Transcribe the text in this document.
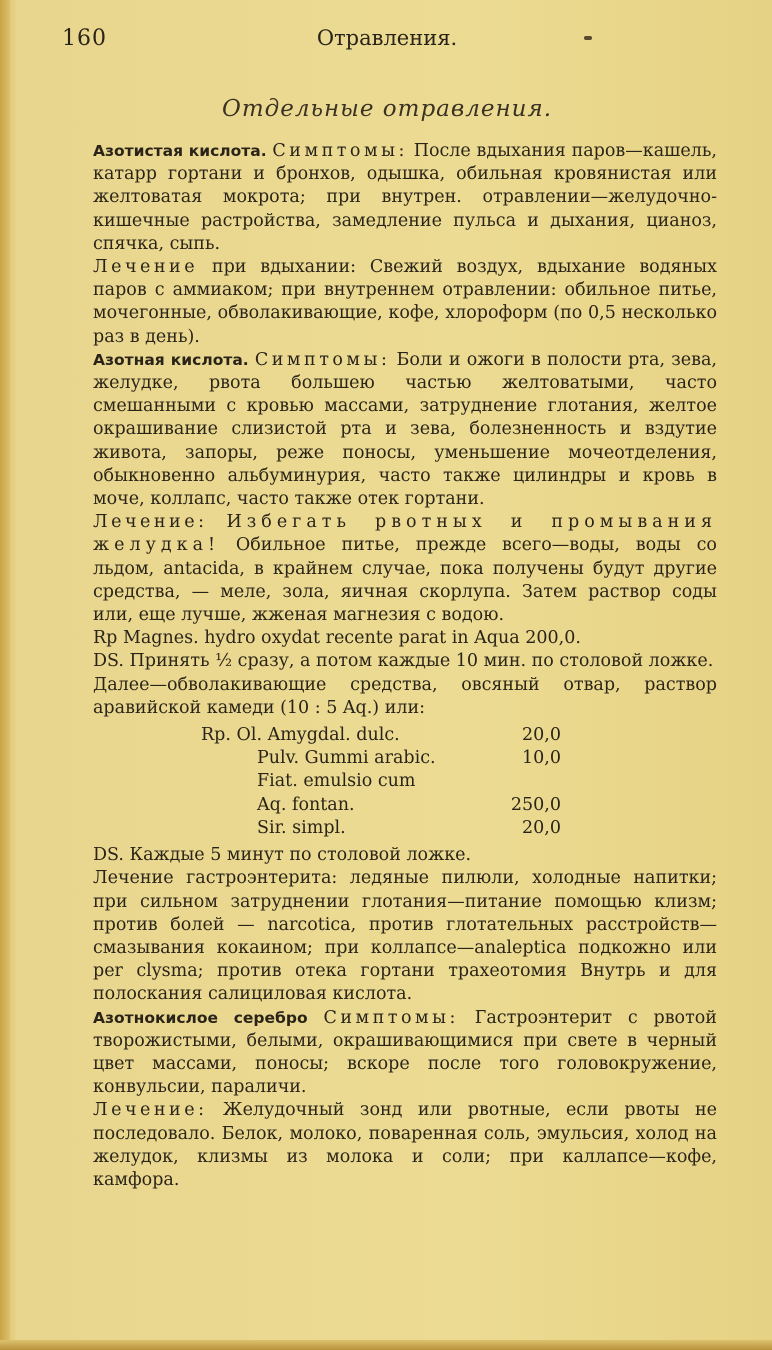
160	Отравления.
Отдельные отравления.

Азотистая кислота. Симптомы: После вдыхания паров—кашель, катарр гортани и бронхов, одышка, обильная кровянистая или желтоватая мокрота; при внутрен. отравлении—желудочно-кишечные растройства, замедление пульса и дыхания, цианоз, спячка, сыпь.

Лечение при вдыхании: Свежий воздух, вдыхание водяных паров с аммиаком; при внутреннем отравлении: обильное питье, мочегонные, обволакивающие, кофе, хлороформ (по 0,5 несколько раз в день).

Азотная кислота. Симптомы: Боли и ожоги в полости рта, зева, желудке, рвота большею частью желтоватыми, часто смешанными с кровью массами, затруднение глотания, желтое окрашивание слизистой рта и зева, болезненность и вздутие живота, запоры, реже поносы, уменьшение мочеотделения, обыкновенно альбуминурия, часто также цилиндры и кровь в моче, коллапс, часто также отек гортани.

Лечение: Избегать рвотных и промывания желудка! Обильное питье, прежде всего—воды, воды со льдом, antacida, в крайнем случае, пока получены будут другие средства, — меле, зола, яичная скорлупа. Затем раствор соды или, еще лучше, жженая магнезия с водою.

Rp Magnes. hydro oxydat recente parat in Aqua 200,0.

DS. Принять ½ сразу, а потом каждые 10 мин. по столовой ложке.

Далее—обволакивающие средства, овсяный отвар, раствор аравийской камеди (10 : 5 Aq.) или:

Rp. Ol. Amygdal. dulc.	20,0
Pulv. Gummi arabic.	10,0
Fiat. emulsio cum
Aq. fontan.	250,0
Sir. simpl.	20,0

DS. Каждые 5 минут по столовой ложке.

Лечение гастроэнтерита: ледяные пилюли, холодные напитки; при сильном затруднении глотания—питание помощью клизм; против болей — narcotica, против глотательных расстройств—смазывания кокаином; при коллапсе—analeptica подкожно или per clysma; против отека гортани трахеотомия Внутрь и для полоскания салициловая кислота.

Азотнокислое серебро Симптомы: Гастроэнтерит с рвотой творожистыми, белыми, окрашивающимися при свете в черный цвет массами, поносы; вскоре после того головокружение, конвульсии, параличи.

Лечение: Желудочный зонд или рвотные, если рвоты не последовало. Белок, молоко, поваренная соль, эмульсия, холод на желудок, клизмы из молока и соли; при каллапсе—кофе, камфора.
